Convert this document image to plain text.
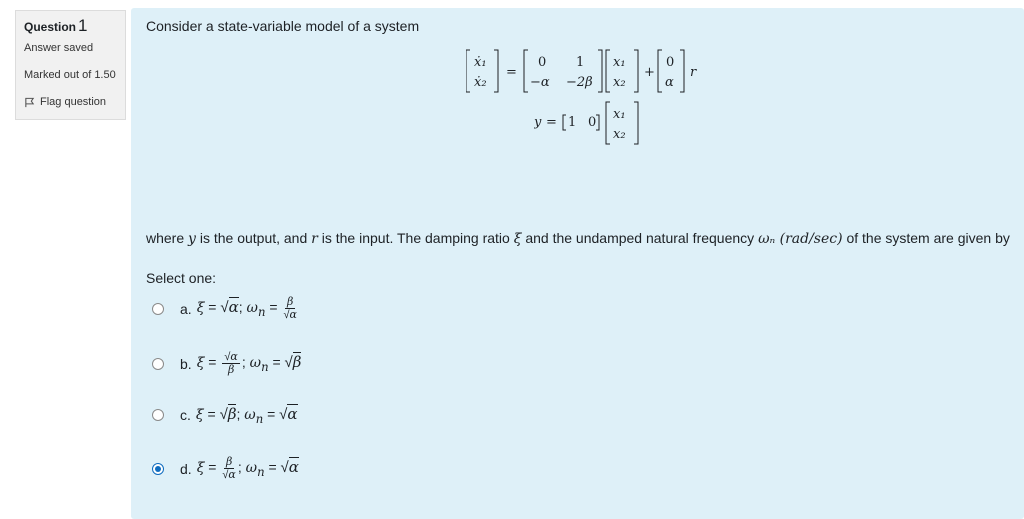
Question 1
Answer saved
Marked out of 1.50
Flag question
Consider a state-variable model of a system
ẋ₁
ẋ₂
=
0 1
−α −2β
x₁
x₂
+
0
α
r
y = 1 0
x₁
x₂
where y is the output, and r is the input. The damping ratio ξ and the undamped natural frequency ωₙ (rad/sec) of the system are given by
Select one:
a. ξ = √α; $\omega_n = \frac{\beta}{√\alpha}$
b. $\xi = \frac{√\alpha}{\beta}$ ; $\omega_n = √\beta$
c. ξ = √β; $\omega_n = √\alpha$
d. $\xi = \frac{\beta}{√\alpha}$ ; $\omega_n = √\alpha$
